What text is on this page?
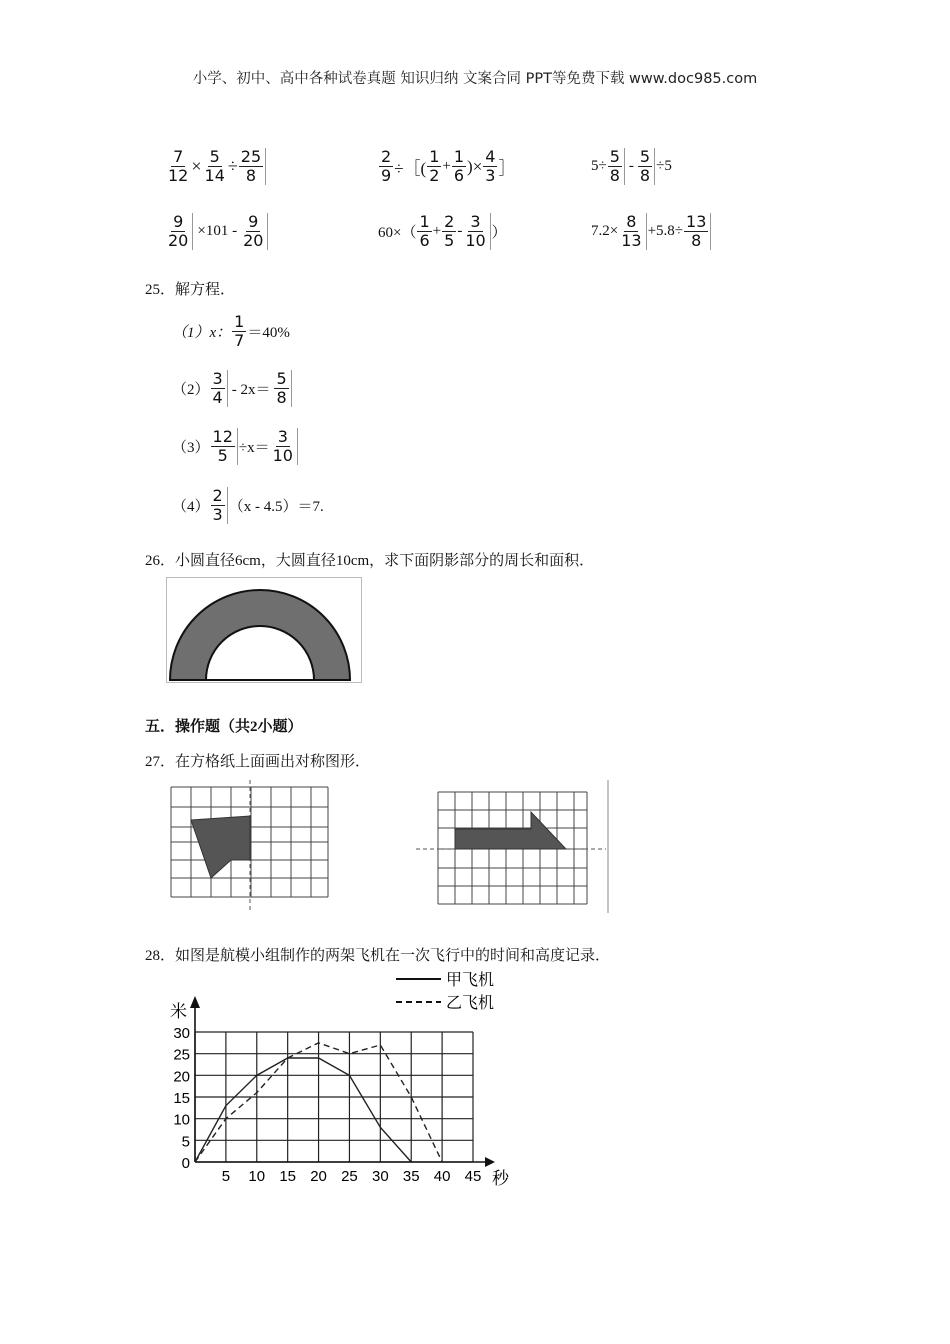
小学、初中、高中各种试卷真题 知识归纳 文案合同 PPT等免费下载 www.doc985.com
$\frac{7}{12} \times \frac{5}{14} \div \frac{25}{8}$	$\frac{2}{9}$ ÷［( $\frac{1}{2} + \frac{1}{6}$ )× $\frac{4}{3}$ ］	$5\div \frac{5}{8} - \frac{5}{8} \div 5$
$\frac{9}{20} \times 101 - \frac{9}{20}$	$60\times( \frac{1}{6} + \frac{2}{5} - \frac{3}{10}$ ）	$7.2\times \frac{8}{13} +5.8\div \frac{13}{8}$
25．解方程．
（1）x： $\frac{1}{7} =40\%$
$(2) \frac{3}{4} - 2x= \frac{5}{8}$
$(3) \frac{12}{5} \div x= \frac{3}{10}$
$(4) \frac{2}{3} (x - 4.5)=7$.
26．小圆直径6cm，大圆直径10cm，求下面阴影部分的周长和面积．
五．操作题（共2小题）
27．在方格纸上面画出对称图形．
28．如图是航模小组制作的两架飞机在一次飞行中的时间和高度记录．
0
5
10
15
20
25
30
5 10 15 20 25 30 35 40 45
米
秒
甲飞机
乙飞机
